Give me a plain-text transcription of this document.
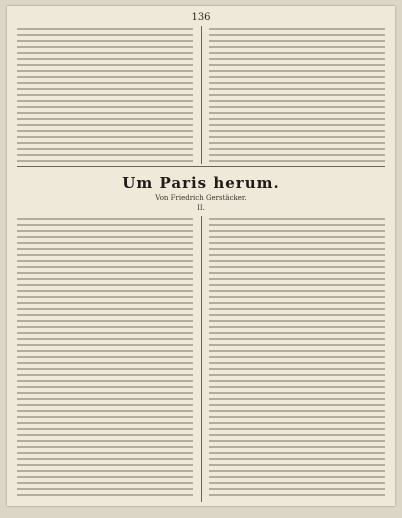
136
Um Paris herum.
Von Friedrich Gerstäcker.
II.
